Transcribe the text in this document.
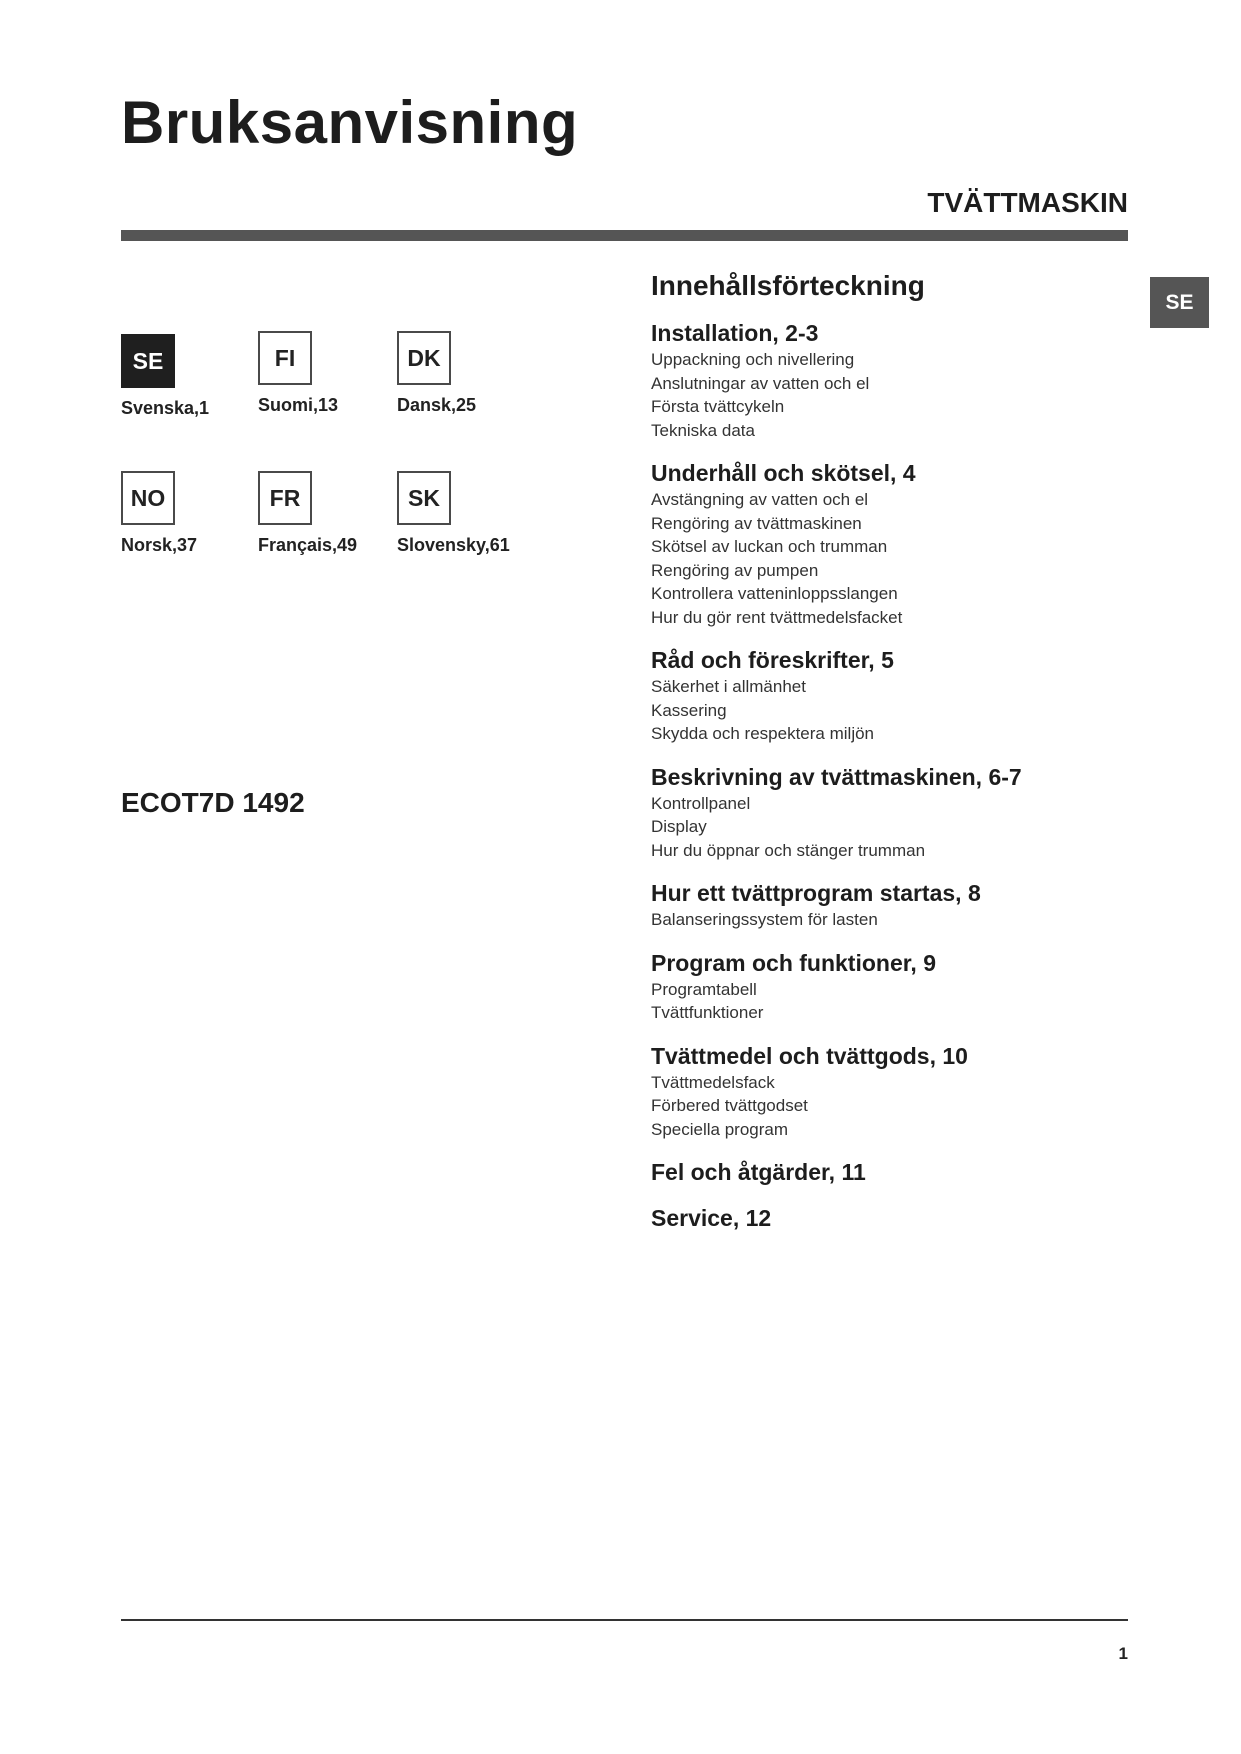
Bruksanvisning
TVÄTTMASKIN
SE
SE
Svenska,1
FI
Suomi,13
DK
Dansk,25
NO
Norsk,37
FR
Français,49
SK
Slovensky,61
ECOT7D 1492
Innehållsförteckning
Installation, 2-3
Uppackning och nivellering
Anslutningar av vatten och el
Första tvättcykeln
Tekniska data
Underhåll och skötsel, 4
Avstängning av vatten och el
Rengöring av tvättmaskinen
Skötsel av luckan och trumman
Rengöring av pumpen
Kontrollera vatteninloppsslangen
Hur du gör rent tvättmedelsfacket
Råd och föreskrifter, 5
Säkerhet i allmänhet
Kassering
Skydda och respektera miljön
Beskrivning av tvättmaskinen, 6-7
Kontrollpanel
Display
Hur du öppnar och stänger trumman
Hur ett tvättprogram startas, 8
Balanseringssystem för lasten
Program och funktioner, 9
Programtabell
Tvättfunktioner
Tvättmedel och tvättgods, 10
Tvättmedelsfack
Förbered tvättgodset
Speciella program
Fel och åtgärder, 11
Service, 12
1
